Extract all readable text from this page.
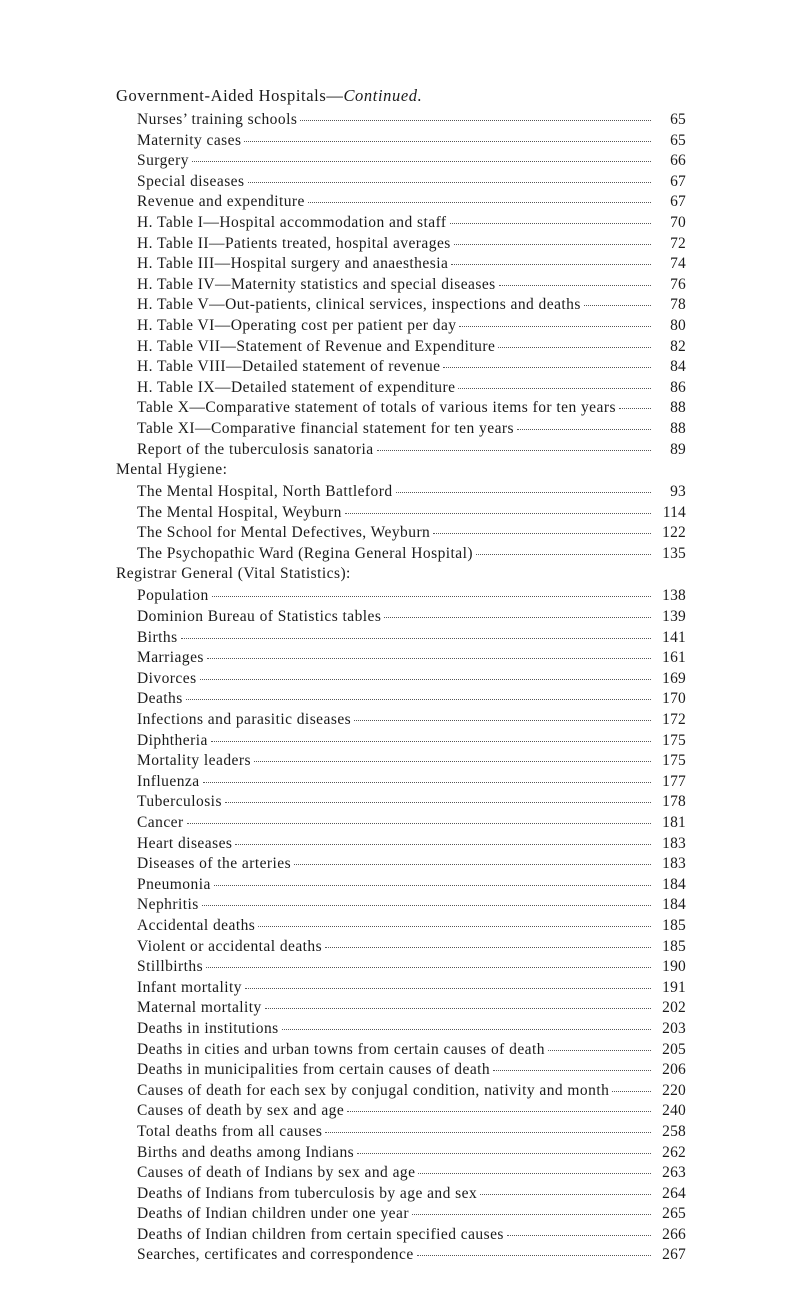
Government-Aided Hospitals—Continued.
Nurses’ training schools	65
Maternity cases	65
Surgery	66
Special diseases	67
Revenue and expenditure	67
H. Table I—Hospital accommodation and staff	70
H. Table II—Patients treated, hospital averages	72
H. Table III—Hospital surgery and anaesthesia	74
H. Table IV—Maternity statistics and special diseases	76
H. Table V—Out-patients, clinical services, inspections and deaths	78
H. Table VI—Operating cost per patient per day	80
H. Table VII—Statement of Revenue and Expenditure	82
H. Table VIII—Detailed statement of revenue	84
H. Table IX—Detailed statement of expenditure	86
Table X—Comparative statement of totals of various items for ten years	88
Table XI—Comparative financial statement for ten years	88
Report of the tuberculosis sanatoria	89
Mental Hygiene:
The Mental Hospital, North Battleford	93
The Mental Hospital, Weyburn	114
The School for Mental Defectives, Weyburn	122
The Psychopathic Ward (Regina General Hospital)	135
Registrar General (Vital Statistics):
Population	138
Dominion Bureau of Statistics tables	139
Births	141
Marriages	161
Divorces	169
Deaths	170
Infections and parasitic diseases	172
Diphtheria	175
Mortality leaders	175
Influenza	177
Tuberculosis	178
Cancer	181
Heart diseases	183
Diseases of the arteries	183
Pneumonia	184
Nephritis	184
Accidental deaths	185
Violent or accidental deaths	185
Stillbirths	190
Infant mortality	191
Maternal mortality	202
Deaths in institutions	203
Deaths in cities and urban towns from certain causes of death	205
Deaths in municipalities from certain causes of death	206
Causes of death for each sex by conjugal condition, nativity and month	220
Causes of death by sex and age	240
Total deaths from all causes	258
Births and deaths among Indians	262
Causes of death of Indians by sex and age	263
Deaths of Indians from tuberculosis by age and sex	264
Deaths of Indian children under one year	265
Deaths of Indian children from certain specified causes	266
Searches, certificates and correspondence	267
